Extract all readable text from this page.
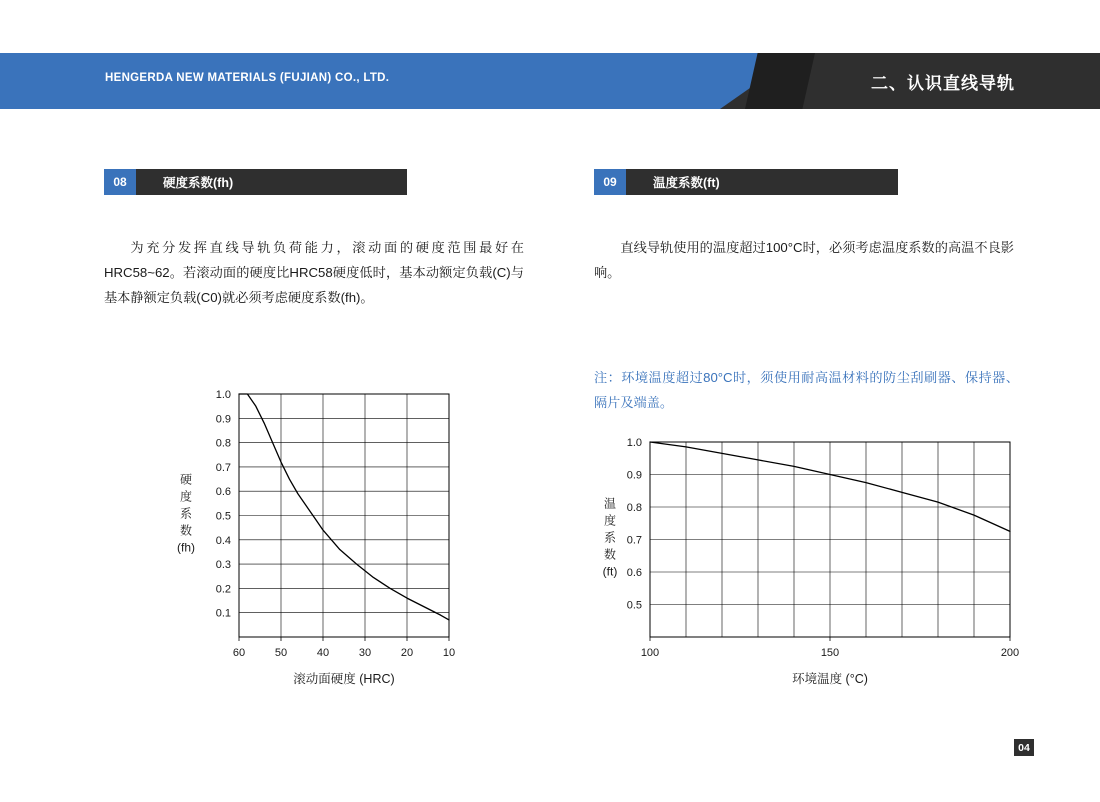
HENGERDA NEW MATERIALS (FUJIAN) CO., LTD.	二、认识直线导轨
08	硬度系数(fh)
为充分发挥直线导轨负荷能力，滚动面的硬度范围最好在HRC58~62。若滚动面的硬度比HRC58硬度低时，基本动额定负载(C)与基本静额定负载(C0)就必须考虑硬度系数(fh)。
09	温度系数(ft)
直线导轨使用的温度超过100°C时，必须考虑温度系数的高温不良影响。
注：环境温度超过80°C时，须使用耐高温材料的防尘刮刷器、保持器、隔片及端盖。
0.1
0.2
0.3
0.4
0.5
0.6
0.7
0.8
0.9
1.0
60	50	40	30	20	10
硬
度
系
数
(fh)
滚动面硬度 (HRC)
0.5
0.6
0.7
0.8
0.9
1.0
100	150	200
温
度
系
数
(ft)
环境温度 (°C)
04
